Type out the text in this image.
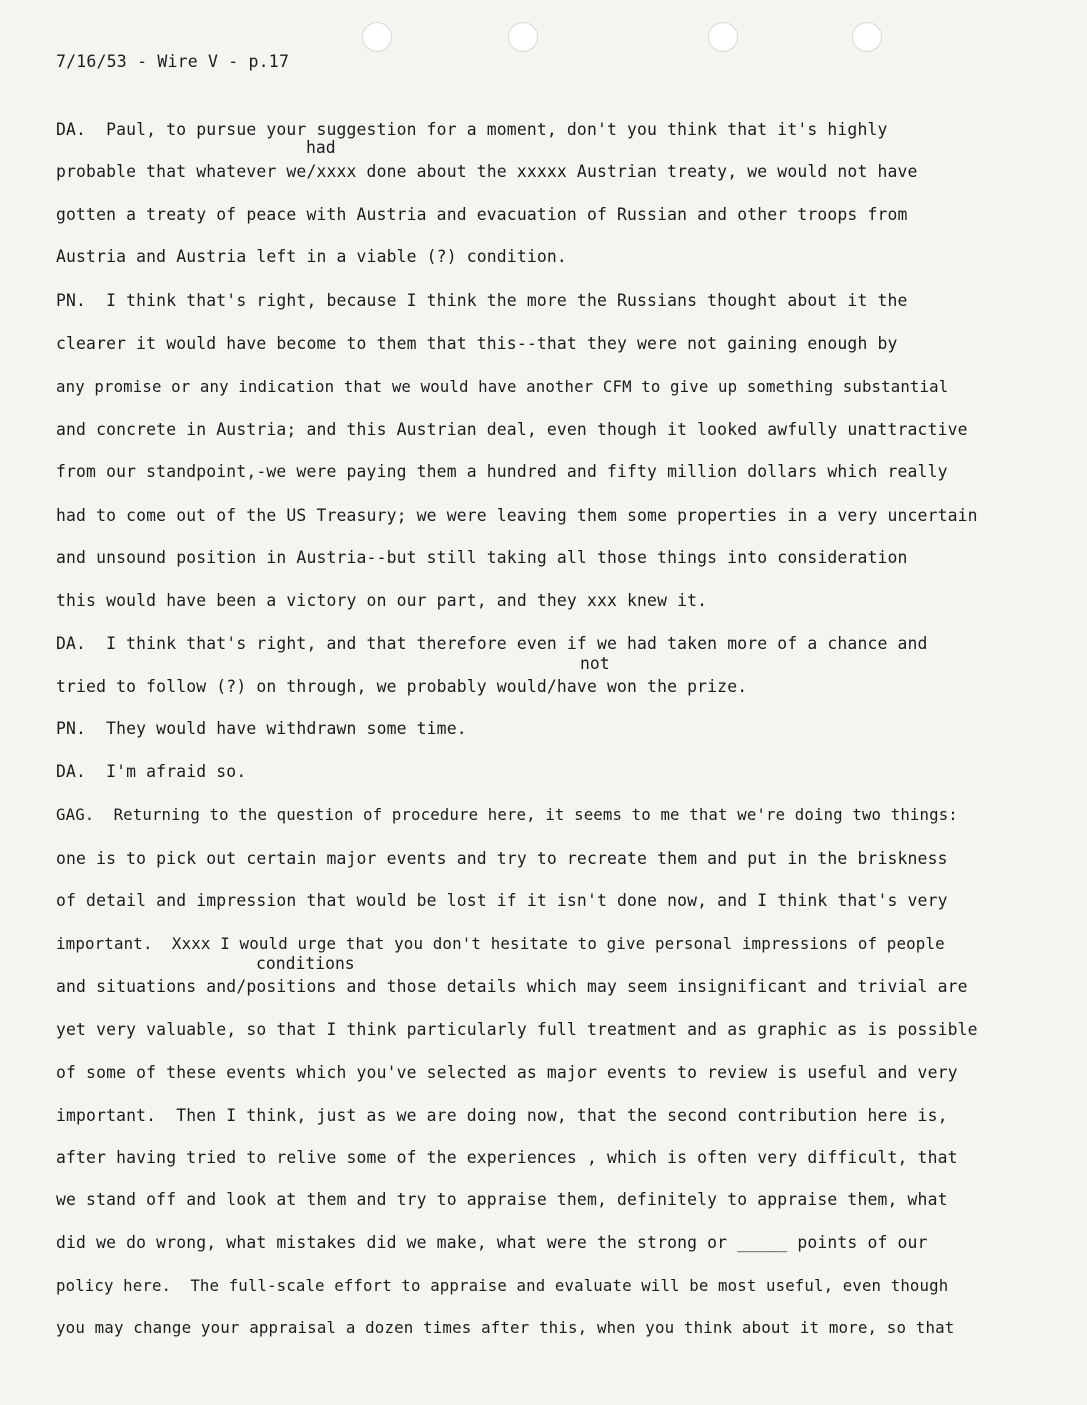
7/16/53 - Wire V - p.17
had
not
conditions
DA.  Paul, to pursue your suggestion for a moment, don't you think that it's highly
probable that whatever we/xxxx done about the xxxxx Austrian treaty, we would not have
gotten a treaty of peace with Austria and evacuation of Russian and other troops from
Austria and Austria left in a viable (?) condition.
PN.  I think that's right, because I think the more the Russians thought about it the
clearer it would have become to them that this--that they were not gaining enough by
any promise or any indication that we would have another CFM to give up something substantial
and concrete in Austria; and this Austrian deal, even though it looked awfully unattractive
from our standpoint,-we were paying them a hundred and fifty million dollars which really
had to come out of the US Treasury; we were leaving them some properties in a very uncertain
and unsound position in Austria--but still taking all those things into consideration
this would have been a victory on our part, and they xxx knew it.
DA.  I think that's right, and that therefore even if we had taken more of a chance and
tried to follow (?) on through, we probably would/have won the prize.
PN.  They would have withdrawn some time.
DA.  I'm afraid so.
GAG.  Returning to the question of procedure here, it seems to me that we're doing two things:
one is to pick out certain major events and try to recreate them and put in the briskness
of detail and impression that would be lost if it isn't done now, and I think that's very
important.  Xxxx I would urge that you don't hesitate to give personal impressions of people
and situations and/positions and those details which may seem insignificant and trivial are
yet very valuable, so that I think particularly full treatment and as graphic as is possible
of some of these events which you've selected as major events to review is useful and very
important.  Then I think, just as we are doing now, that the second contribution here is,
after having tried to relive some of the experiences , which is often very difficult, that
we stand off and look at them and try to appraise them, definitely to appraise them, what
did we do wrong, what mistakes did we make, what were the strong or _____ points of our
policy here.  The full-scale effort to appraise and evaluate will be most useful, even though
you may change your appraisal a dozen times after this, when you think about it more, so that
